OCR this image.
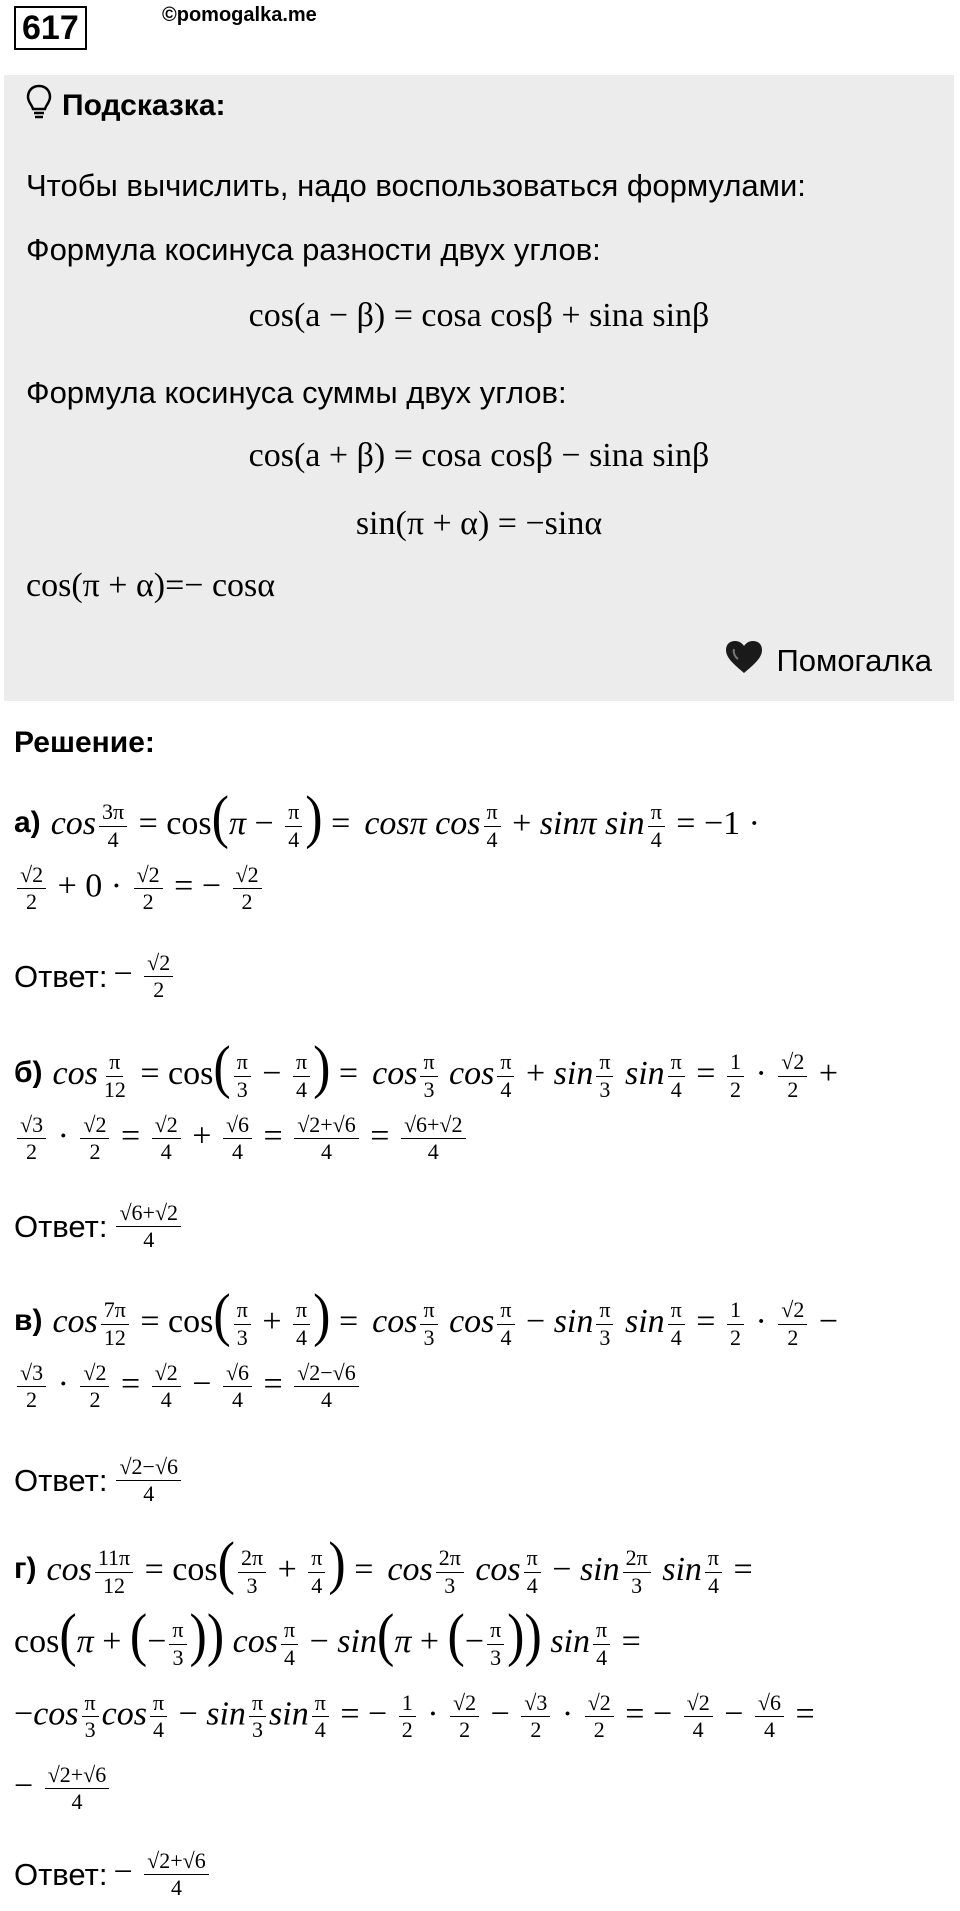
617	©pomogalka.me
Подсказка:
Чтобы вычислить, надо воспользоваться формулами:
Формула косинуса разности двух углов:
cos(a − β) = cosa cosβ + sina sinβ
Формула косинуса суммы двух углов:
cos(a + β) = cosa cosβ − sina sinβ
sin(π + α) = −sinα
cos(π + α)=− cosα
Помогалка
Решение:
а) $\cos \frac{3\pi}{4} = \cos(\pi - \frac{\pi}{4}$ ) = cosπ $\cos \frac{\pi}{4} + \sin\pi$ $\sin \frac{\pi}{4} = -1$ ·
$\frac{√2}{2} + 0 \cdot \frac{√2}{2}$ = − $\frac{√2}{2}$
Ответ: − $\frac{√2}{2}$
б) $\cos \frac{\pi}{12} = \cos( \frac{\pi}{3} - \frac{\pi}{4}$ ) = $\cos \frac{\pi}{3}$ $\cos \frac{\pi}{4} + \sin \frac{\pi}{3}$ $\sin \frac{\pi}{4} = \frac{1}{2} \cdot \frac{√2}{2}$ +
$\frac{√3}{2} \cdot \frac{√2}{2} = \frac{√2}{4} + \frac{√6}{4} = \frac{√2+√6}{4} = \frac{√6+√2}{4}$
Ответ: $\frac{√6+√2}{4}$
в) $\cos \frac{7\pi}{12} = \cos( \frac{\pi}{3} + \frac{\pi}{4}$ ) = $\cos \frac{\pi}{3}$ $\cos \frac{\pi}{4} - \sin \frac{\pi}{3}$ $\sin \frac{\pi}{4} = \frac{1}{2} \cdot \frac{√2}{2}$ −
$\frac{√3}{2} \cdot \frac{√2}{2} = \frac{√2}{4} - \frac{√6}{4} = \frac{√2-√6}{4}$
Ответ: $\frac{√2-√6}{4}$
г) $\cos \frac{11\pi}{12} = \cos( \frac{2\pi}{3} + \frac{\pi}{4}$ ) = $\cos \frac{2\pi}{3}$ $\cos \frac{\pi}{4} - \sin \frac{2\pi}{3}$ $\sin \frac{\pi}{4}$ =
cos(π + (− $\frac{\pi}{3}$ )) $\cos \frac{\pi}{4} - \sin(\pi$ + (− $\frac{\pi}{3}$ )) $\sin \frac{\pi}{4}$ =
$-\cos \frac{\pi}{3}$ $\cos \frac{\pi}{4} - \sin \frac{\pi}{3}$ $\sin \frac{\pi}{4}$ = − $\frac{1}{2} \cdot \frac{√2}{2} - \frac{√3}{2} \cdot \frac{√2}{2}$ = − $\frac{√2}{4} - \frac{√6}{4}$ =
− $\frac{√2+√6}{4}$
Ответ: − $\frac{√2+√6}{4}$
